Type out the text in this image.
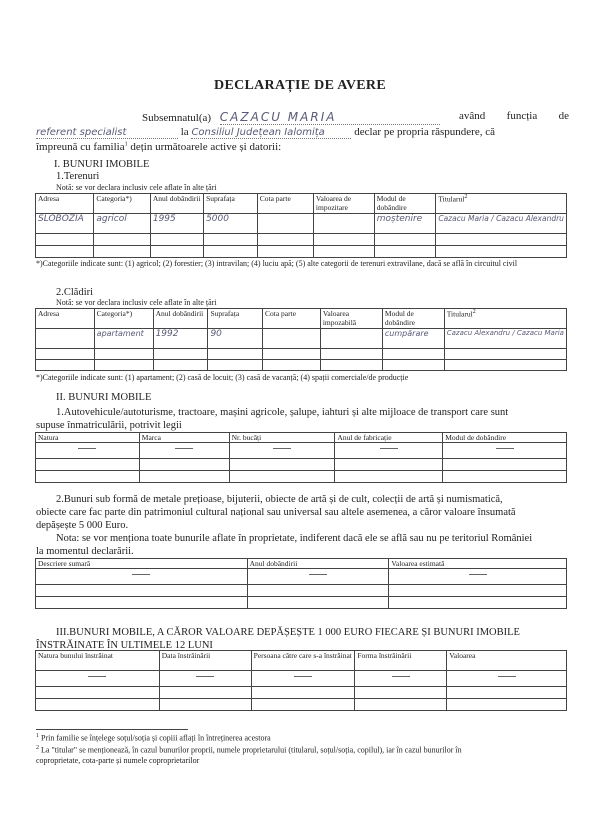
DECLARAȚIE DE AVERE
Subsemnatul(a) CAZACU MARIA	având funcția de
referent specialist	la Consiliul Județean Ialomița	declar pe propria răspundere, că
împreună cu familia$^1$ dețin următoarele active și datorii:
I. BUNURI IMOBILE
1.Terenuri
Notă: se vor declara inclusiv cele aflate în alte țări
Adresa	Categoria*)	Anul dobândirii	Suprafața	Cota parte	Valoarea de impozitare	Modul de dobândire	Titularul$^2$
SLOBOZIA	agricol	1995	5000			moștenire	Cazacu Maria / Cazacu Alexandru

*)Categoriile indicate sunt: (1) agricol; (2) forestier; (3) intravilan; (4) luciu apă; (5) alte categorii de terenuri extravilane, dacă se află în circuitul civil
2.Clădiri
Notă: se vor declara inclusiv cele aflate în alte țări
Adresa	Categoria*)	Anul dobândirii	Suprafața	Cota parte	Valoarea impozabilă	Modul de dobândire	Titularul$^2$
	apartament	1992	90			cumpărare	Cazacu Alexandru / Cazacu Maria

*)Categoriile indicate sunt: (1) apartament; (2) casă de locuit; (3) casă de vacanță; (4) spații comerciale/de producție
II. BUNURI MOBILE
1.Autovehicule/autoturisme, tractoare, mașini agricole, șalupe, iahturi și alte mijloace de transport care sunt
supuse înmatriculării, potrivit legii
Natura	Marca	Nr. bucăți	Anul de fabricație	Modul de dobândire

2.Bunuri sub formă de metale prețioase, bijuterii, obiecte de artă și de cult, colecții de artă și numismatică,
obiecte care fac parte din patrimoniul cultural național sau universal sau altele asemenea, a căror valoare însumată
depășește 5 000 Euro.
Nota: se vor menționa toate bunurile aflate în proprietate, indiferent dacă ele se află sau nu pe teritoriul României
la momentul declarării.
Descriere sumară	Anul dobândirii	Valoarea estimată

III.BUNURI MOBILE, A CĂROR VALOARE DEPĂȘEȘTE 1 000 EURO FIECARE ȘI BUNURI IMOBILE
ÎNSTRĂINATE ÎN ULTIMELE 12 LUNI
Natura bunului înstrăinat	Data înstrăinării	Persoana către care s-a înstrăinat	Forma înstrăinării	Valoarea

$^1$ Prin familie se înțelege soțul/soția și copiii aflați în întreținerea acestora
$^2$ La "titular" se menționează, în cazul bunurilor proprii, numele proprietarului (titularul, soțul/soția, copilul), iar în cazul bunurilor în
coproprietate, cota-parte și numele coproprietarilor
